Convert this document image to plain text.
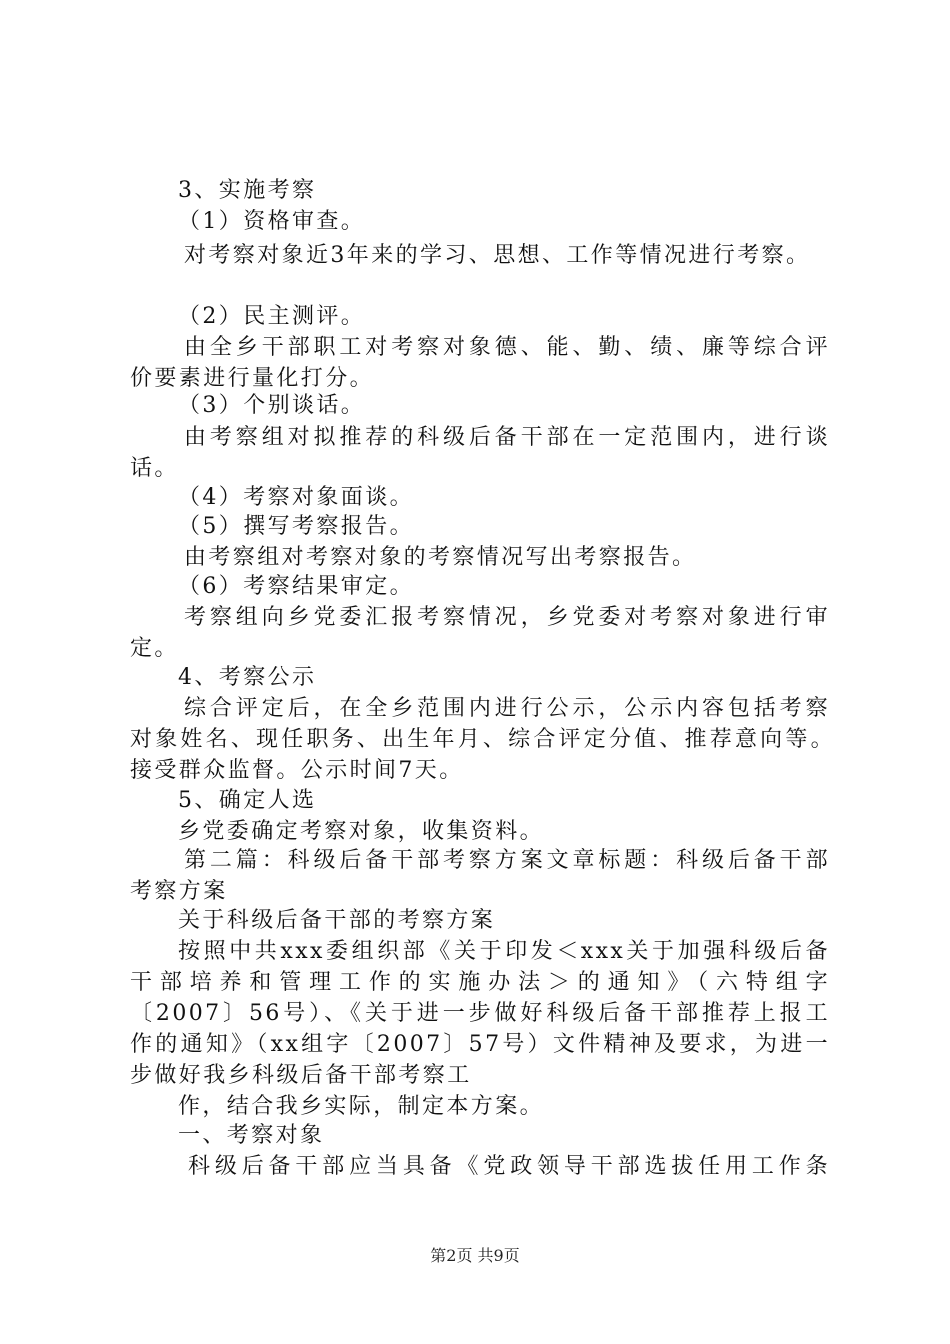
3、实施考察
（1）资格审查。
对考察对象近3年来的学习、思想、工作等情况进行考察。
（2）民主测评。
由全乡干部职工对考察对象德、能、勤、绩、廉等综合评
价要素进行量化打分。
（3）个别谈话。
由考察组对拟推荐的科级后备干部在一定范围内，进行谈
话。
（4）考察对象面谈。
（5）撰写考察报告。
由考察组对考察对象的考察情况写出考察报告。
（6）考察结果审定。
考察组向乡党委汇报考察情况，乡党委对考察对象进行审
定。
4、考察公示
综合评定后，在全乡范围内进行公示，公示内容包括考察
对象姓名、现任职务、出生年月、综合评定分值、推荐意向等。
接受群众监督。公示时间7天。
5、确定人选
乡党委确定考察对象，收集资料。
第二篇：科级后备干部考察方案文章标题：科级后备干部
考察方案
关于科级后备干部的考察方案
按照中共xxx委组织部《关于印发＜xxx关于加强科级后备
干部培养和管理工作的实施办法＞的通知》（六特组字
〔2007〕56号）、《关于进一步做好科级后备干部推荐上报工
作的通知》（xx组字〔2007〕57号）文件精神及要求，为进一
步做好我乡科级后备干部考察工
作，结合我乡实际，制定本方案。
一、考察对象
科级后备干部应当具备《党政领导干部选拔任用工作条
第2页 共9页
